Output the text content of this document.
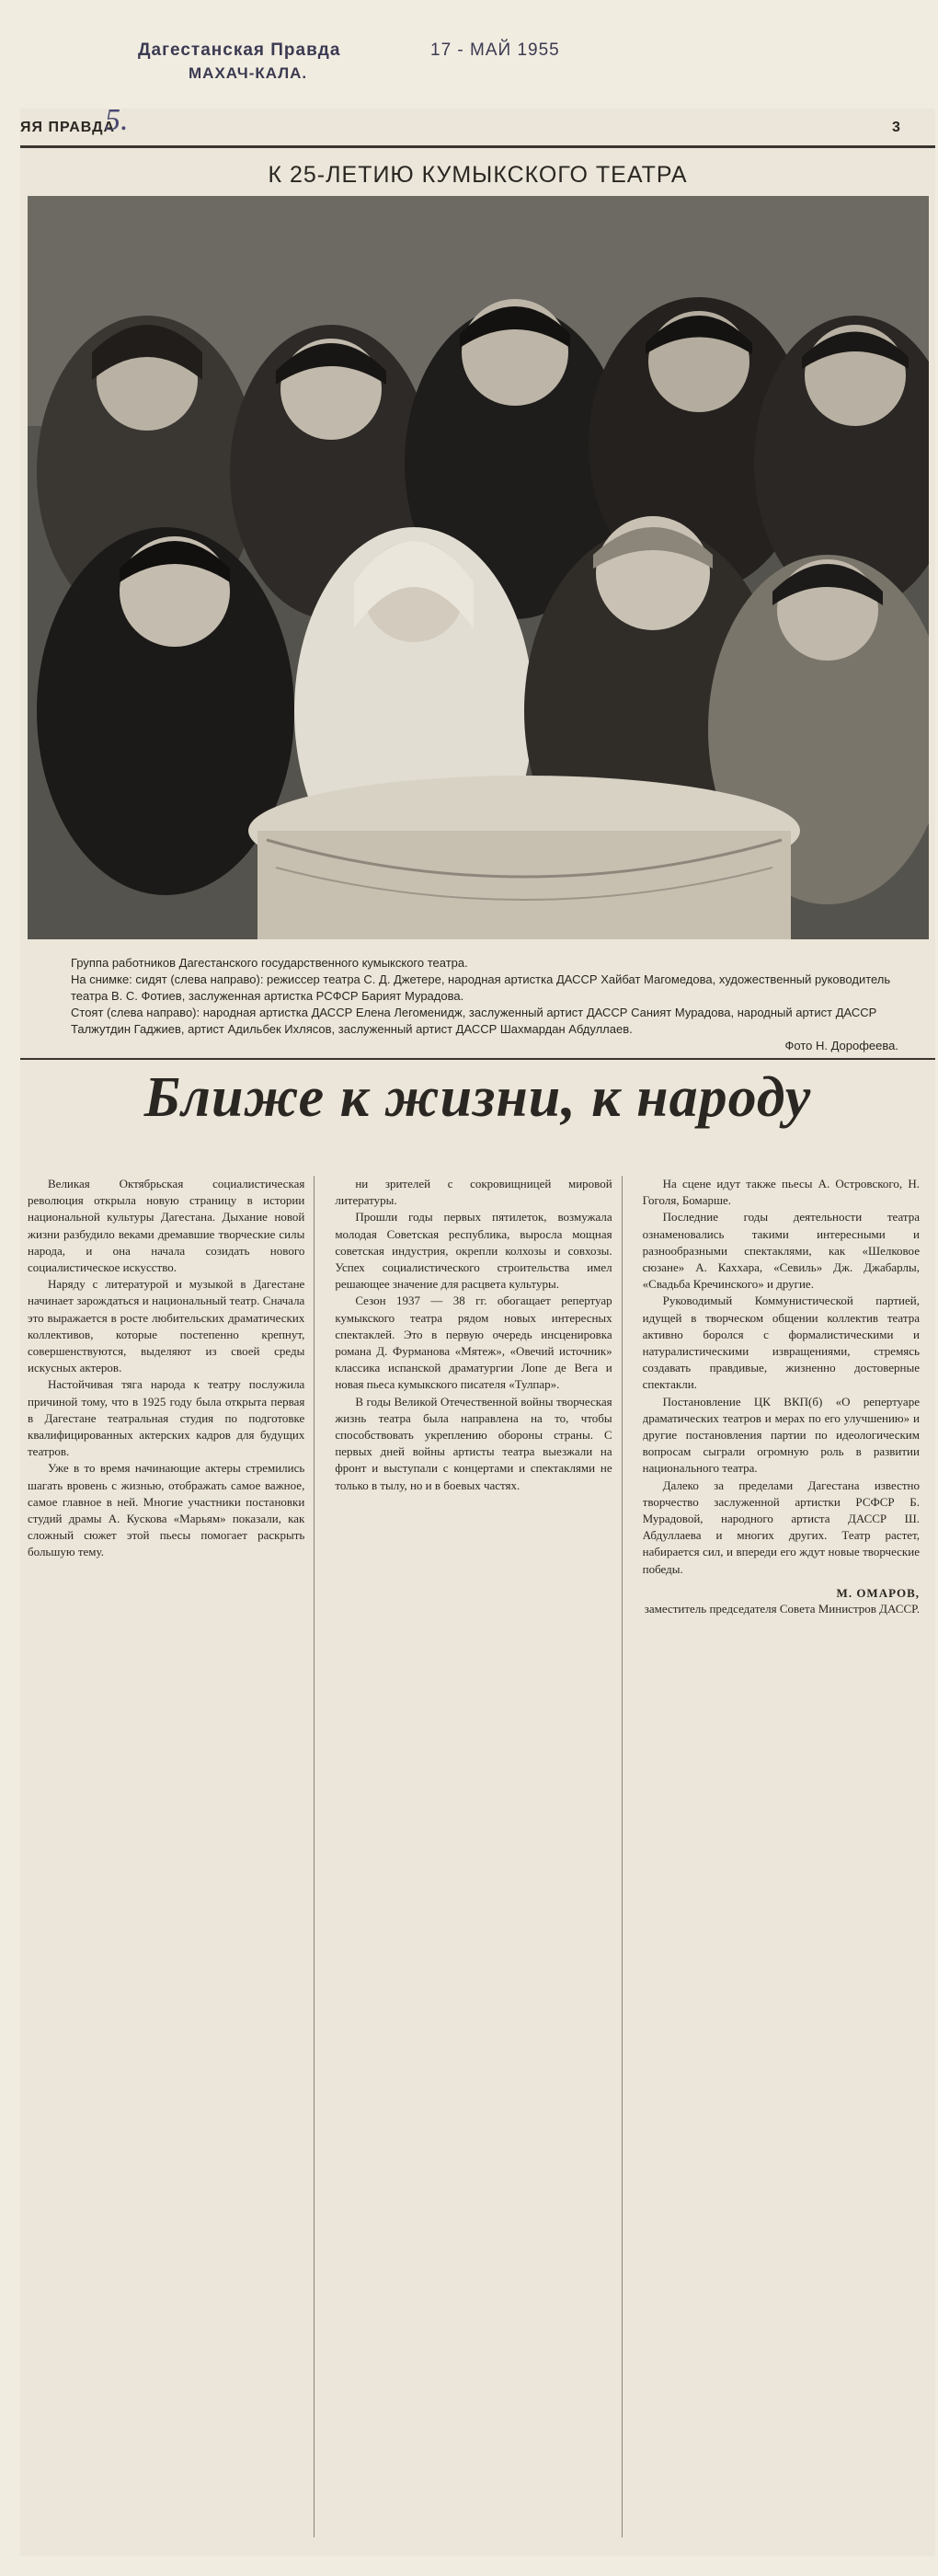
Дагестанская Правда
МАХАЧ-КАЛА.
17 - МАЙ 1955
ЯЯ ПРАВДА
5.	3
К 25-ЛЕТИЮ КУМЫКСКОГО ТЕАТРА

Группа работников Дагестанского государственного кумыкского театра.

На снимке: сидят (слева направо): режиссер театра С. Д. Джетере, народная артистка ДАССР Хайбат Магомедова, художественный руководитель театра В. С. Фотиев, заслуженная артистка РСФСР Барият Мурадова.

Стоят (слева направо): народная артистка ДАССР Елена Легоменидж, заслуженный артист ДАССР Саният Мурадова, народный артист ДАССР Талжутдин Гаджиев, артист Адильбек Ихлясов, заслуженный артист ДАССР Шахмардан Абдуллаев.

Фото Н. Дорофеева.

Ближе к жизни, к народу

Великая Октябрьская социалистическая революция открыла новую страницу в истории национальной культуры Дагестана. Дыхание новой жизни разбудило веками дремавшие творческие силы народа, и она начала созидать нового социалистическое искусство.

Наряду с литературой и музыкой в Дагестане начинает зарождаться и национальный театр. Сначала это выражается в росте любительских драматических коллективов, которые постепенно крепнут, совершенствуются, выделяют из своей среды искусных актеров.

Настойчивая тяга народа к театру послужила причиной тому, что в 1925 году была открыта первая в Дагестане театральная студия по подготовке квалифицированных актерских кадров для будущих театров.

Уже в то время начинающие актеры стремились шагать вровень с жизнью, отображать самое важное, самое главное в ней. Многие участники постановки студий драмы А. Кускова «Марьям» показали, как сложный сюжет этой пьесы помогает раскрыть большую тему.

ни зрителей с сокровищницей мировой литературы.

Прошли годы первых пятилеток, возмужала молодая Советская республика, выросла мощная советская индустрия, окрепли колхозы и совхозы. Успех социалистического строительства имел решающее значение для расцвета культуры.

Сезон 1937 — 38 гг. обогащает репертуар кумыкского театра рядом новых интересных спектаклей. Это в первую очередь инсценировка романа Д. Фурманова «Мятеж», «Овечий источник» классика испанской драматургии Лопе де Вега и новая пьеса кумыкского писателя «Тулпар».

В годы Великой Отечественной войны творческая жизнь театра была направлена на то, чтобы способствовать укреплению обороны страны. С первых дней войны артисты театра выезжали на фронт и выступали с концертами и спектаклями не только в тылу, но и в боевых частях.

На сцене идут также пьесы А. Островского, Н. Гоголя, Бомарше.

Последние годы деятельности театра ознаменовались такими интересными и разнообразными спектаклями, как «Шелковое сюзане» А. Каххара, «Севиль» Дж. Джабарлы, «Свадьба Кречинского» и другие.

Руководимый Коммунистической партией, идущей в творческом общении коллектив театра активно боролся с формалистическими и натуралистическими извращениями, стремясь создавать правдивые, жизненно достоверные спектакли.

Постановление ЦК ВКП(б) «О репертуаре драматических театров и мерах по его улучшению» и другие постановления партии по идеологическим вопросам сыграли огромную роль в развитии национального театра.

Далеко за пределами Дагестана известно творчество заслуженной артистки РСФСР Б. Мурадовой, народного артиста ДАССР Ш. Абдуллаева и многих других. Театр растет, набирается сил, и впереди его ждут новые творческие победы.

М. ОМАРОВ,
заместитель председателя Совета Министров ДАССР.
